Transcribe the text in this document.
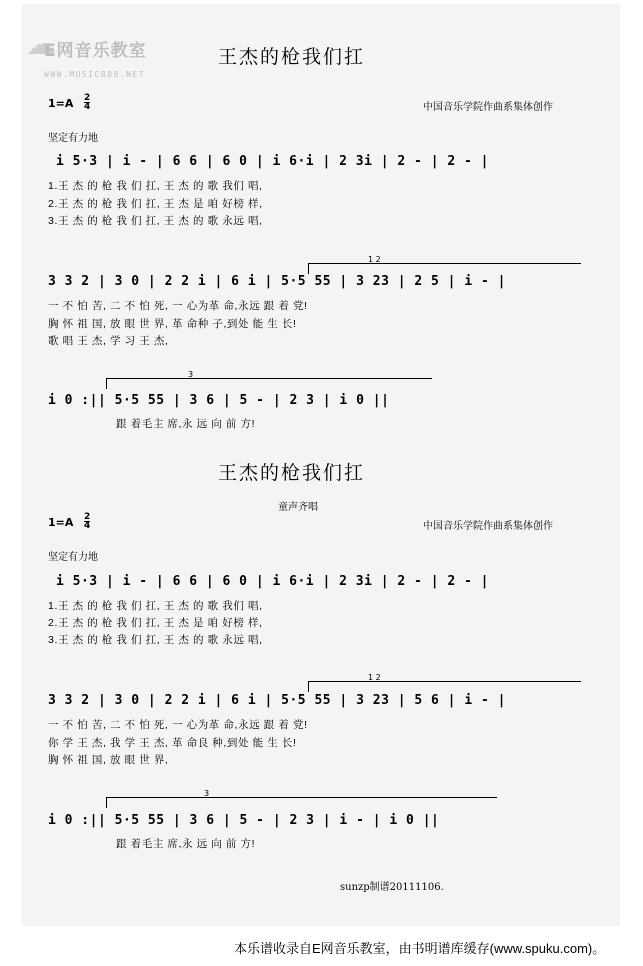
☁
E网音乐教室
WWW.MUSIC888.NET
王杰的枪我们扛
$1=A \frac{2}{4}$	中国音乐学院作曲系集体创作
坚定有力地
i 5·3 | i - | 6 6 | 6 0 | i 6·i | 2 3i | 2 - | 2 - |
1.王 杰 的 枪 我 们 扛, 王 杰 的 歌 我们 唱,
2.王 杰 的 枪 我 们 扛, 王 杰 是 咱 好榜 样,
3.王 杰 的 枪 我 们 扛, 王 杰 的 歌 永远 唱,
1 2
3 3 2 | 3 0 | 2 2 i | 6 i | 5·5 55 | 3 23 | 2 5 | i - |
一 不 怕 苦, 二 不 怕 死, 一 心为革 命,永远 跟 着 党!
胸 怀 祖 国, 放 眼 世 界, 革 命种 子,到处 能 生 长!
歌 唱 王 杰, 学 习 王 杰,
3
i 0 :|| 5·5 55 | 3 6 | 5 - | 2 3 | i 0 ||
跟 着毛主 席,永 远 向 前 方!
王杰的枪我们扛
童声齐唱
$1=A \frac{2}{4}$	中国音乐学院作曲系集体创作
坚定有力地
i 5·3 | i - | 6 6 | 6 0 | i 6·i | 2 3i | 2 - | 2 - |
1.王 杰 的 枪 我 们 扛, 王 杰 的 歌 我们 唱,
2.王 杰 的 枪 我 们 扛, 王 杰 是 咱 好榜 样,
3.王 杰 的 枪 我 们 扛, 王 杰 的 歌 永远 唱,
1 2
3 3 2 | 3 0 | 2 2 i | 6 i | 5·5 55 | 3 23 | 5 6 | i - |
一 不 怕 苦, 二 不 怕 死, 一 心为革 命,永远 跟 着 党!
你 学 王 杰, 我 学 王 杰, 革 命良 种,到处 能 生 长!
胸 怀 祖 国, 放 眼 世 界,
3
i 0 :|| 5·5 55 | 3 6 | 5 - | 2 3 | i - | i 0 ||
跟 着毛主 席,永 远 向 前 方!
sunzp制谱20111106.
本乐谱收录自E网音乐教室，由书明谱库缓存(www.spuku.com)。
